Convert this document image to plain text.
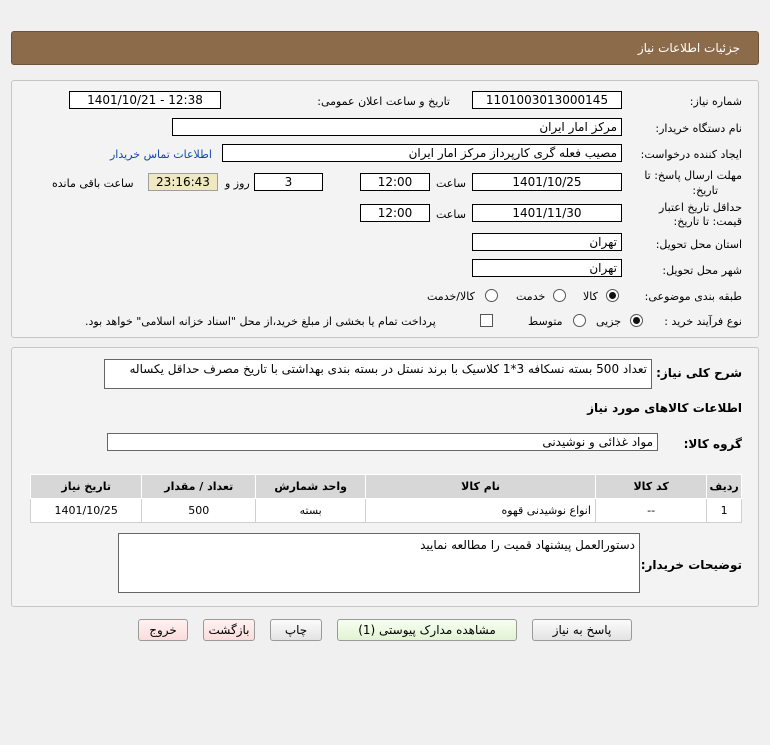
جزئیات اطلاعات نیاز
شماره نیاز:
1101003013000145
تاریخ و ساعت اعلان عمومی:
1401/10/21 - 12:38
نام دستگاه خریدار:
مرکز امار ایران
ایجاد کننده درخواست:
مصیب فعله گری کارپرداز مرکز امار ایران
اطلاعات تماس خریدار
مهلت ارسال پاسخ: تا
تاریخ:
1401/10/25
ساعت
12:00
3
روز و
23:16:43
ساعت باقی مانده
حداقل تاریخ اعتبار
قیمت: تا تاریخ:
1401/11/30
ساعت
12:00
استان محل تحویل:
تهران
شهر محل تحویل:
تهران
طبقه بندی موضوعی:
کالا
خدمت
کالا/خدمت
نوع فرآیند خرید :
جزیی
متوسط
پرداخت تمام یا بخشی از مبلغ خرید،از محل "اسناد خزانه اسلامی" خواهد بود.
شرح کلی نیاز:
تعداد 500 بسته نسکافه 3*1 کلاسیک با برند نستل در بسته بندی بهداشتی با تاریخ مصرف حداقل یکساله
اطلاعات کالاهای مورد نیاز
گروه کالا:
مواد غذائی و نوشیدنی
ردیف	کد کالا	نام کالا	واحد شمارش	تعداد / مقدار	تاریخ نیاز
1	--	انواع نوشیدنی قهوه	بسته	500	1401/10/25
توضیحات خریدار:
دستورالعمل پیشنهاد قمیت را مطالعه نمایید
پاسخ به نیاز
مشاهده مدارک پیوستی (1)
چاپ
بازگشت
خروج
